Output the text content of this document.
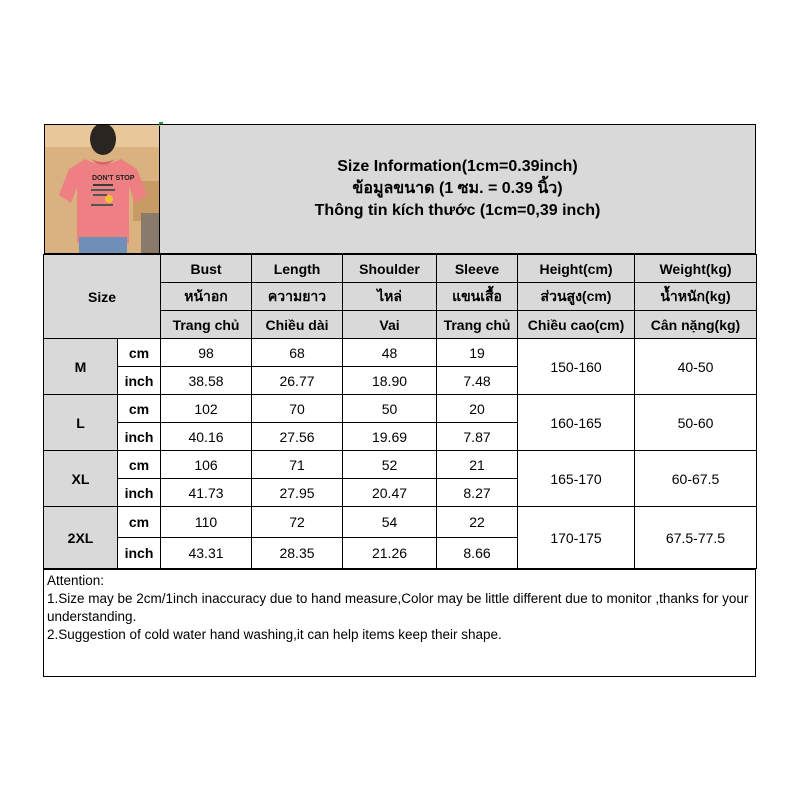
DON'T STOP
Size Information(1cm=0.39inch)
ข้อมูลขนาด (1 ซม. = 0.39 นิ้ว)
Thông tin kích thước (1cm=0,39 inch)
Size		Bust	Length	Shoulder	Sleeve	Height(cm)	Weight(kg)
		หน้าอก	ความยาว	ไหล่	แขนเสื้อ	ส่วนสูง(cm)	น้ำหนัก(kg)
		Trang chủ	Chiều dài	Vai	Trang chủ	Chiều cao(cm)	Cân nặng(kg)
M	cm	98	68	48	19	150-160	40-50
	inch	38.58	26.77	18.90	7.48		
L	cm	102	70	50	20	160-165	50-60
	inch	40.16	27.56	19.69	7.87		
XL	cm	106	71	52	21	165-170	60-67.5
	inch	41.73	27.95	20.47	8.27		
2XL	cm	110	72	54	22	170-175	67.5-77.5
	inch	43.31	28.35	21.26	8.66		
Attention:
1.Size may be 2cm/1inch inaccuracy due to hand measure,Color may be little different due to monitor ,thanks for your understanding.
2.Suggestion of cold water hand washing,it can help items keep their shape.
